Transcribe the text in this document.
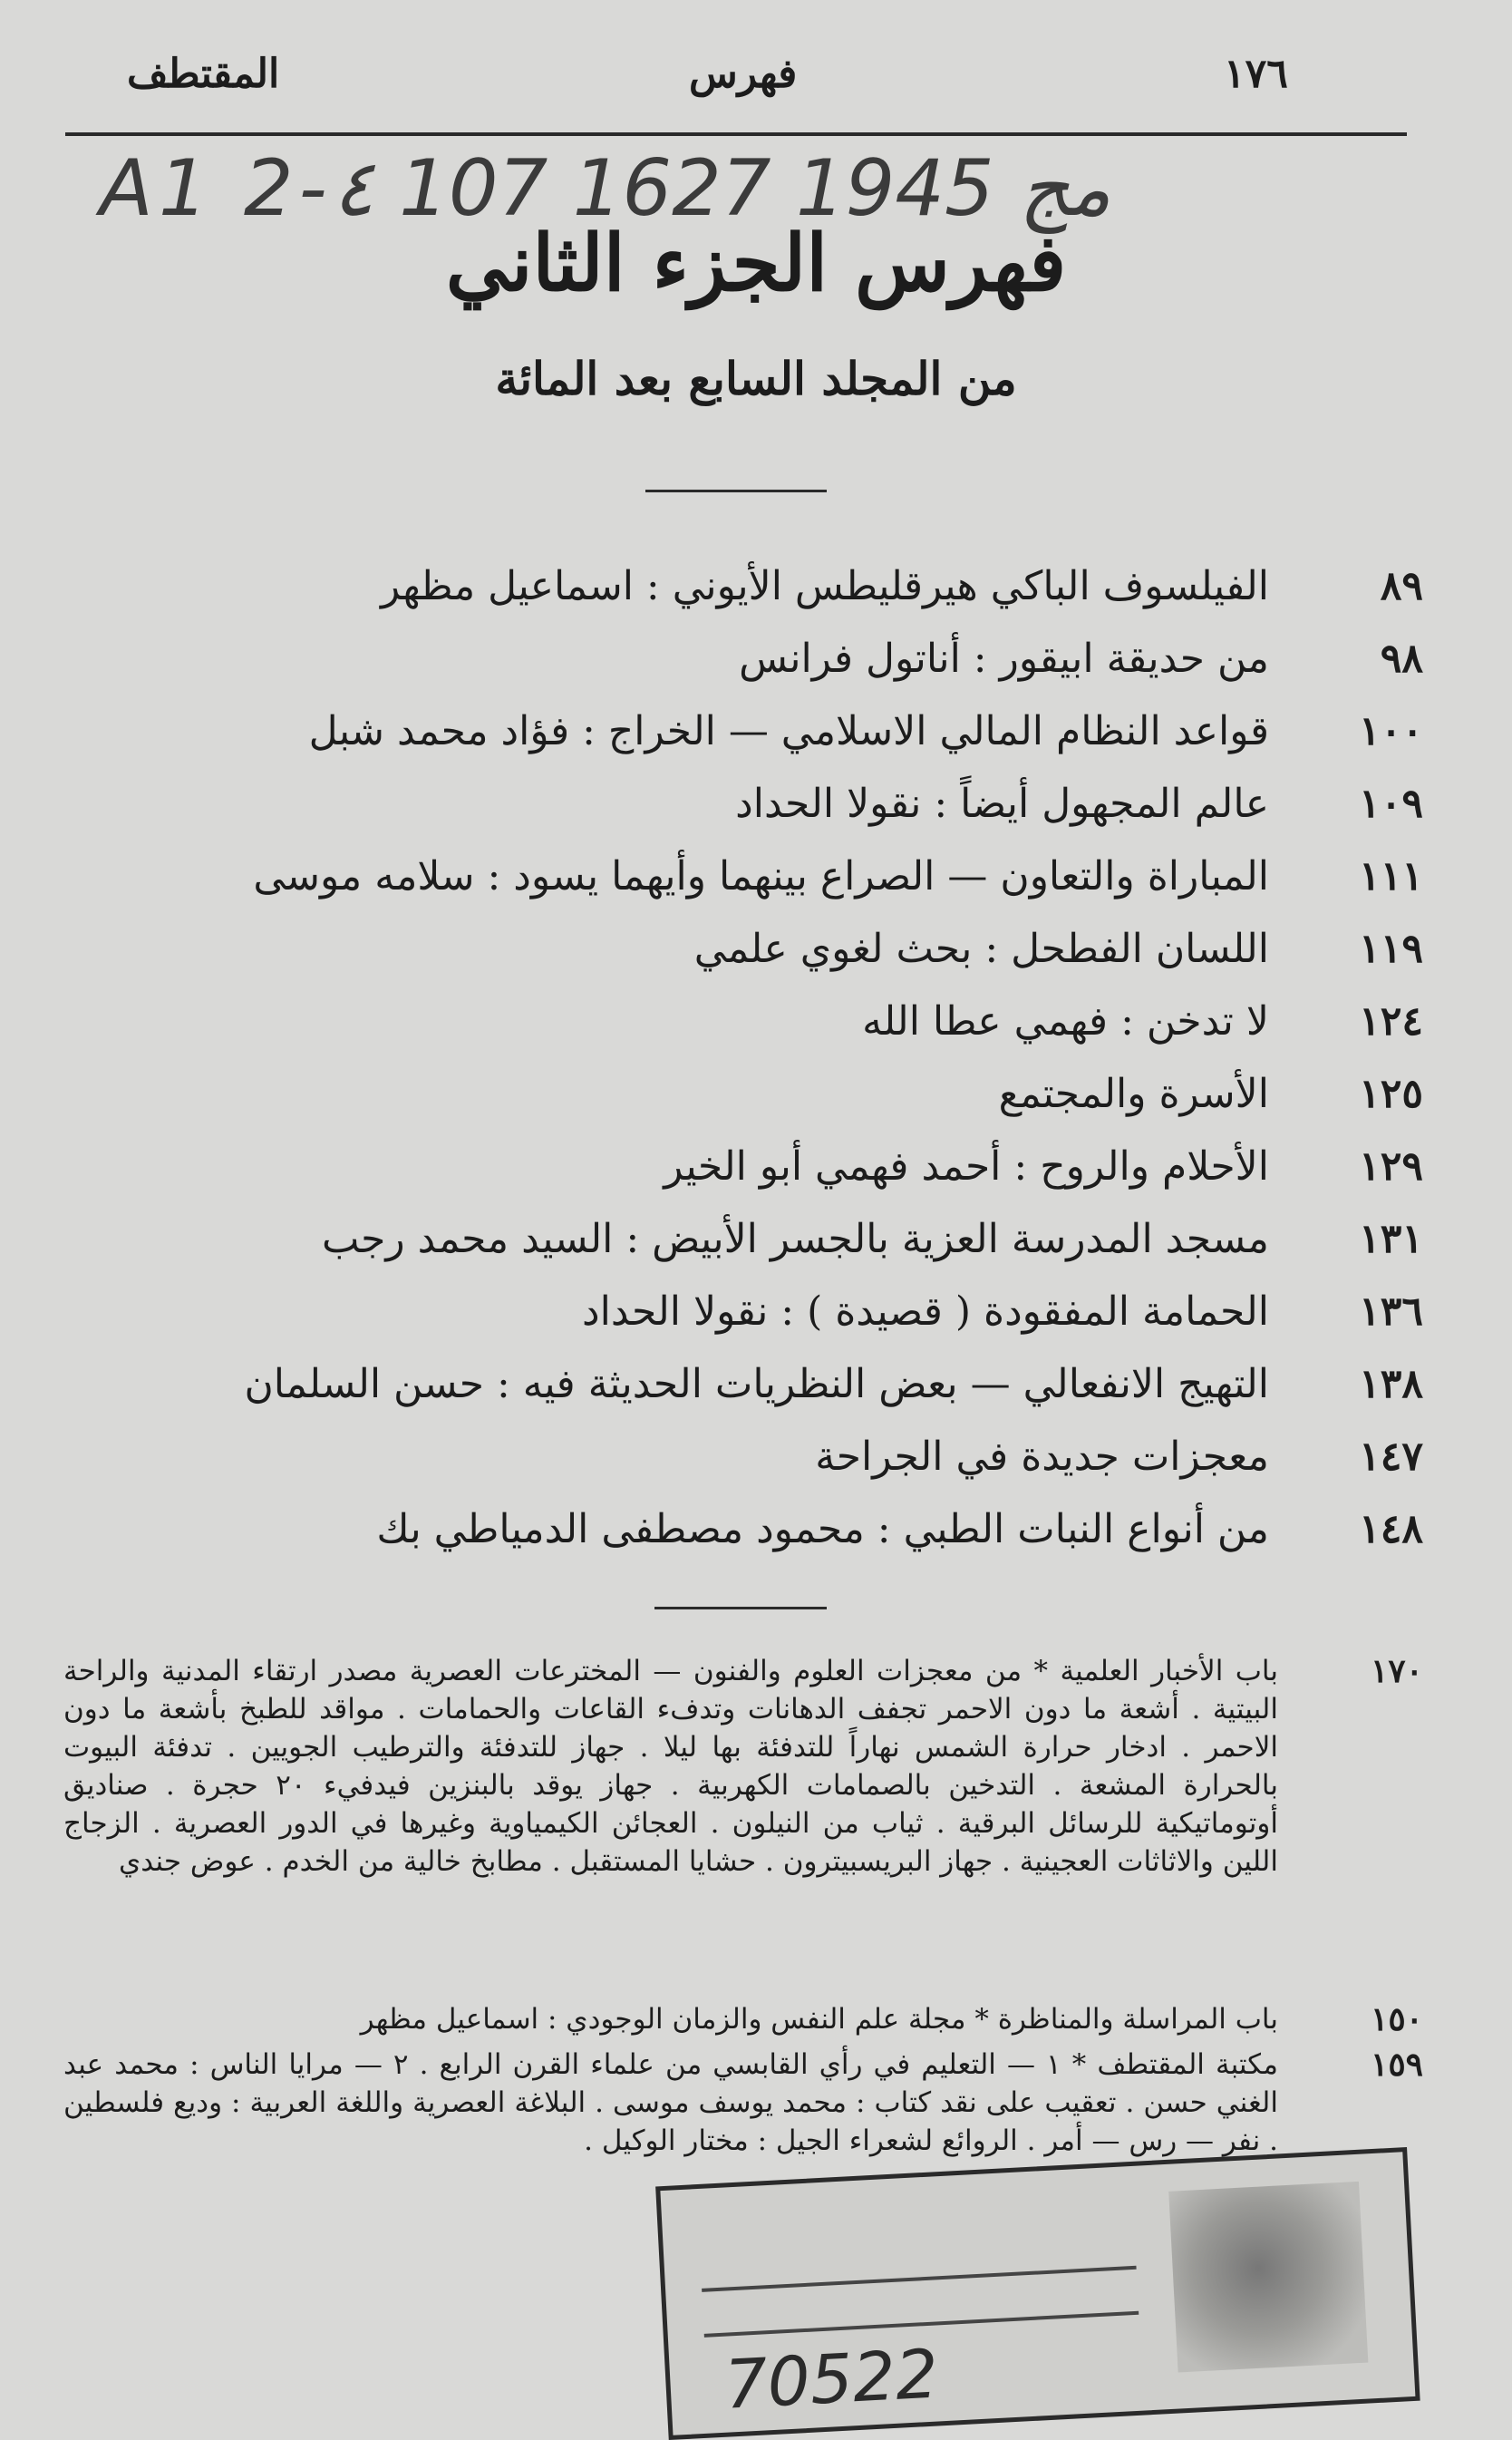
١٧٦
فهرس
المقتطف
A1 2-٤ 107 مج 1945 1627
فهرس الجزء الثاني
من المجلد السابع بعد المائة
٨٩
الفيلسوف الباكي هيرقليطس الأيوني : اسماعيل مظهر
٩٨
من حديقة ابيقور : أناتول فرانس
١٠٠
قواعد النظام المالي الاسلامي — الخراج : فؤاد محمد شبل
١٠٩
عالم المجهول أيضاً : نقولا الحداد
١١١
المباراة والتعاون — الصراع بينهما وأيهما يسود : سلامه موسى
١١٩
اللسان الفطحل : بحث لغوي علمي
١٢٤
لا تدخن : فهمي عطا الله
١٢٥
الأسرة والمجتمع
١٢٩
الأحلام والروح : أحمد فهمي أبو الخير
١٣١
مسجد المدرسة العزية بالجسر الأبيض : السيد محمد رجب
١٣٦
الحمامة المفقودة ( قصيدة ) : نقولا الحداد
١٣٨
التهيج الانفعالي — بعض النظريات الحديثة فيه : حسن السلمان
١٤٧
معجزات جديدة في الجراحة
١٤٨
من أنواع النبات الطبي : محمود مصطفى الدمياطي بك
١٧٠
باب الأخبار العلمية * من معجزات العلوم والفنون — المخترعات العصرية مصدر ارتقاء المدنية والراحة البيتية . أشعة ما دون الاحمر تجفف الدهانات وتدفء القاعات والحمامات . مواقد للطبخ بأشعة ما دون الاحمر . ادخار حرارة الشمس نهاراً للتدفئة بها ليلا . جهاز للتدفئة والترطيب الجويين . تدفئة البيوت بالحرارة المشعة . التدخين بالصمامات الكهربية . جهاز يوقد بالبنزين فيدفيء ٢٠ حجرة . صناديق أوتوماتيكية للرسائل البرقية . ثياب من النيلون . العجائن الكيمياوية وغيرها في الدور العصرية . الزجاج اللين والاثاثات العجينية . جهاز البريسبيترون . حشايا المستقبل . مطابخ خالية من الخدم . عوض جندي
١٥٠
باب المراسلة والمناظرة * مجلة علم النفس والزمان الوجودي : اسماعيل مظهر
١٥٩
مكتبة المقتطف * ١ — التعليم في رأي القابسي من علماء القرن الرابع . ٢ — مرايا الناس : محمد عبد الغني حسن . تعقيب على نقد كتاب : محمد يوسف موسى . البلاغة العصرية واللغة العربية : وديع فلسطين . نفر — رس — أمر . الروائع لشعراء الجيل : مختار الوكيل .
70522
